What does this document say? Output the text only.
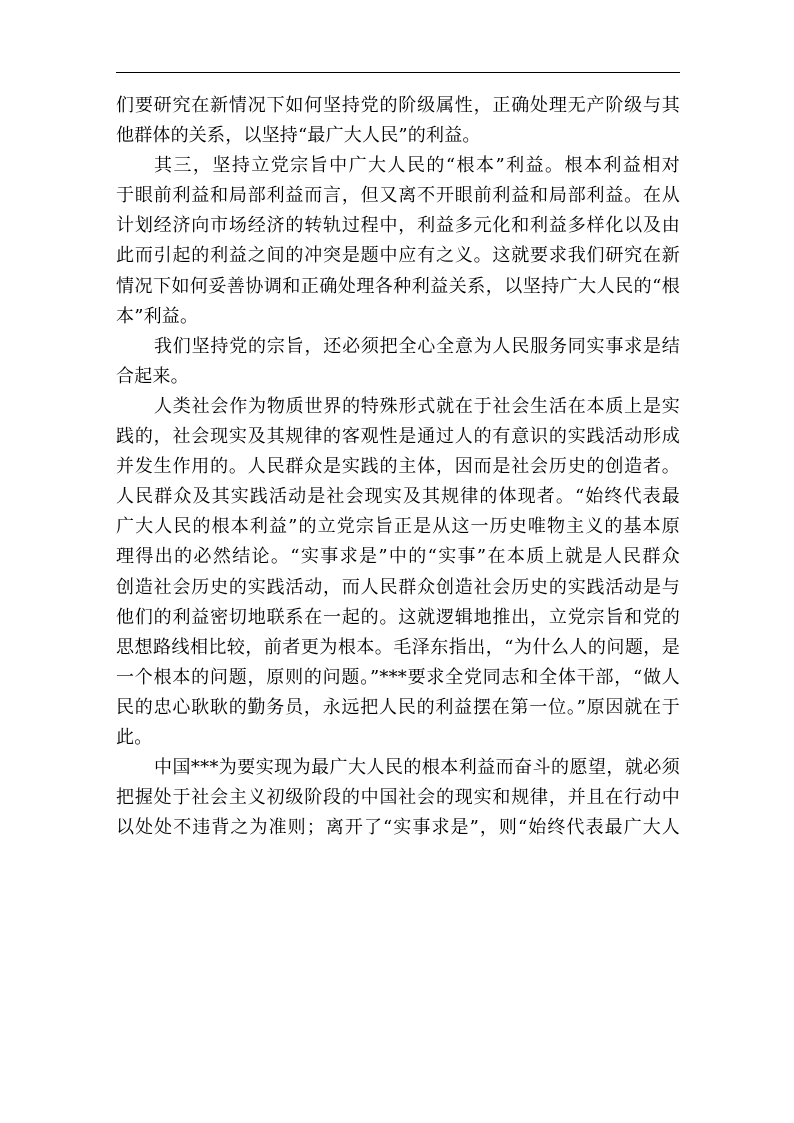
们要研究在新情况下如何坚持党的阶级属性，正确处理无产阶级与其
他群体的关系，以坚持“最广大人民”的利益。
其三，坚持立党宗旨中广大人民的“根本”利益。根本利益相对
于眼前利益和局部利益而言，但又离不开眼前利益和局部利益。在从
计划经济向市场经济的转轨过程中，利益多元化和利益多样化以及由
此而引起的利益之间的冲突是题中应有之义。这就要求我们研究在新
情况下如何妥善协调和正确处理各种利益关系，以坚持广大人民的“根
本”利益。
我们坚持党的宗旨，还必须把全心全意为人民服务同实事求是结
合起来。
人类社会作为物质世界的特殊形式就在于社会生活在本质上是实
践的，社会现实及其规律的客观性是通过人的有意识的实践活动形成
并发生作用的。人民群众是实践的主体，因而是社会历史的创造者。
人民群众及其实践活动是社会现实及其规律的体现者。“始终代表最
广大人民的根本利益”的立党宗旨正是从这一历史唯物主义的基本原
理得出的必然结论。“实事求是”中的“实事”在本质上就是人民群众
创造社会历史的实践活动，而人民群众创造社会历史的实践活动是与
他们的利益密切地联系在一起的。这就逻辑地推出，立党宗旨和党的
思想路线相比较，前者更为根本。毛泽东指出，“为什么人的问题，是
一个根本的问题，原则的问题。”***要求全党同志和全体干部，“做人
民的忠心耿耿的勤务员，永远把人民的利益摆在第一位。”原因就在于
此。
中国***为要实现为最广大人民的根本利益而奋斗的愿望，就必须
把握处于社会主义初级阶段的中国社会的现实和规律，并且在行动中
以处处不违背之为准则；离开了“实事求是”，则“始终代表最广大人
